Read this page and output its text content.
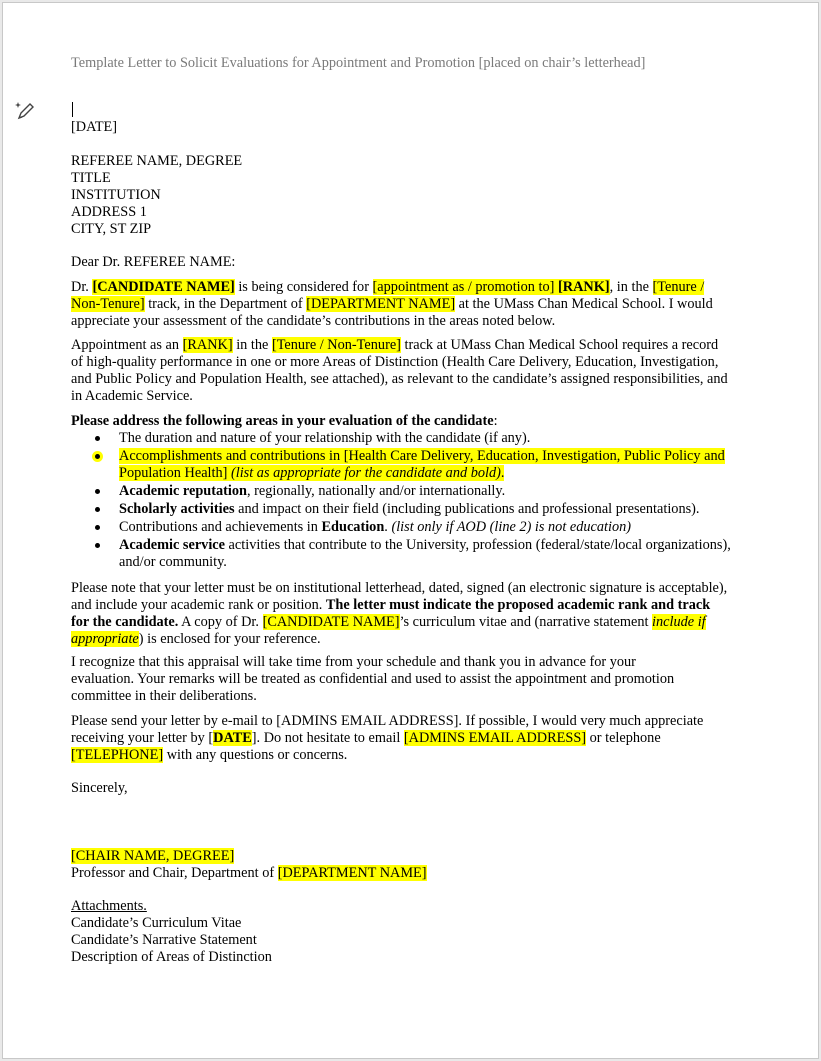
Template Letter to Solicit Evaluations for Appointment and Promotion [placed on chair’s letterhead]
[DATE]
REFEREE NAME, DEGREE
TITLE
INSTITUTION
ADDRESS 1
CITY, ST ZIP
Dear Dr. REFEREE NAME:
Dr. [CANDIDATE NAME] is being considered for [appointment as / promotion to] [RANK], in the [Tenure /
Non-Tenure] track, in the Department of [DEPARTMENT NAME] at the UMass Chan Medical School. I would
appreciate your assessment of the candidate’s contributions in the areas noted below.
Appointment as an [RANK] in the [Tenure / Non-Tenure] track at UMass Chan Medical School requires a record
of high-quality performance in one or more Areas of Distinction (Health Care Delivery, Education, Investigation,
and Public Policy and Population Health, see attached), as relevant to the candidate’s assigned responsibilities, and
in Academic Service.
Please address the following areas in your evaluation of the candidate:
The duration and nature of your relationship with the candidate (if any).
Accomplishments and contributions in [Health Care Delivery, Education, Investigation, Public Policy and
Population Health] (list as appropriate for the candidate and bold).
Academic reputation, regionally, nationally and/or internationally.
Scholarly activities and impact on their field (including publications and professional presentations).
Contributions and achievements in Education. (list only if AOD (line 2) is not education)
Academic service activities that contribute to the University, profession (federal/state/local organizations),
and/or community.
Please note that your letter must be on institutional letterhead, dated, signed (an electronic signature is acceptable),
and include your academic rank or position. The letter must indicate the proposed academic rank and track
for the candidate. A copy of Dr. [CANDIDATE NAME]’s curriculum vitae and (narrative statement include if
appropriate) is enclosed for your reference.
I recognize that this appraisal will take time from your schedule and thank you in advance for your
evaluation. Your remarks will be treated as confidential and used to assist the appointment and promotion
committee in their deliberations.
Please send your letter by e-mail to [ADMINS EMAIL ADDRESS]. If possible, I would very much appreciate
receiving your letter by [DATE]. Do not hesitate to email [ADMINS EMAIL ADDRESS] or telephone
[TELEPHONE] with any questions or concerns.
Sincerely,
[CHAIR NAME, DEGREE]
Professor and Chair, Department of [DEPARTMENT NAME]
Attachments.
Candidate’s Curriculum Vitae
Candidate’s Narrative Statement
Description of Areas of Distinction
